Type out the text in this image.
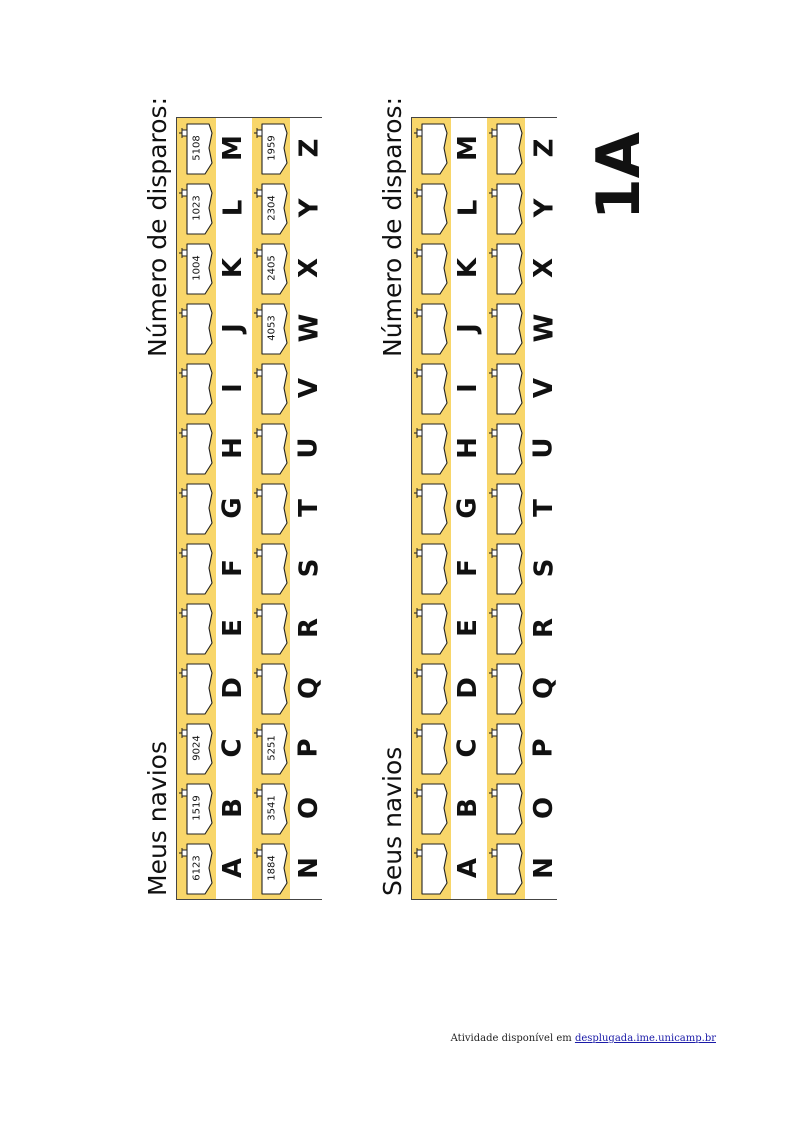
Meus navios
Número de disparos:
6123 A
1519 B
9024 C
D
E
F
G
H
I
J
1004 K
1023 L
5108 M
1884 N
3541 O
5251 P
Q
R
S
T
U
V
4053 W
2405 X
2304 Y
1959 Z
Seus navios
Número de disparos:
A
B
C
D
E
F
G
H
I
J
K
L
M
N
O
P
Q
R
S
T
U
V
W
X
Y
Z 1A
Atividade disponível em desplugada.ime.unicamp.br
